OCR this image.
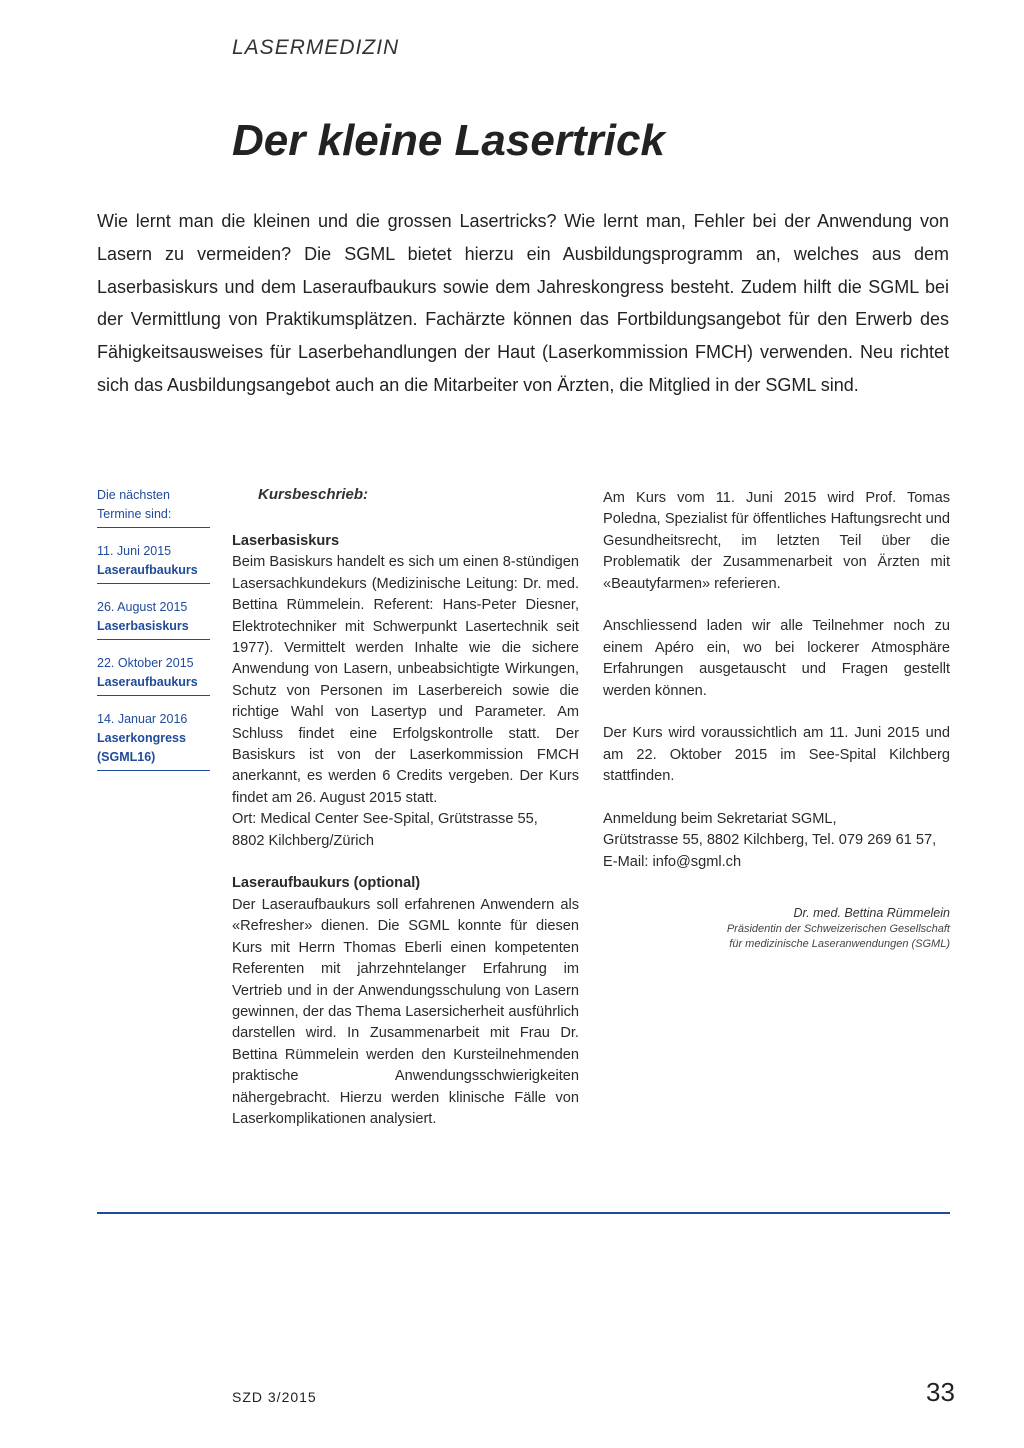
LASERMEDIZIN
Der kleine Lasertrick

Wie lernt man die kleinen und die grossen Lasertricks? Wie lernt man, Fehler bei der Anwendung von Lasern zu vermeiden? Die SGML bietet hierzu ein Ausbildungsprogramm an, welches aus dem Laserbasiskurs und dem Laseraufbaukurs sowie dem Jahreskongress besteht. Zudem hilft die SGML bei der Vermittlung von Praktikumsplätzen. Fachärzte können das Fortbildungsangebot für den Erwerb des Fähigkeitsausweises für Laserbehandlungen der Haut (Laserkommission FMCH) verwenden. Neu richtet sich das Ausbildungsangebot auch an die Mitarbeiter von Ärzten, die Mitglied in der SGML sind.

Die nächsten Termine sind:
11. Juni 2015
Laseraufbaukurs
26. August 2015
Laserbasiskurs
22. Oktober 2015
Laseraufbaukurs
14. Januar 2016
Laserkongress (SGML16)
Kursbeschrieb:

Laserbasiskurs

Beim Basiskurs handelt es sich um einen 8-stündigen Lasersachkundekurs (Medizinische Leitung: Dr. med. Bettina Rümmelein. Referent: Hans-Peter Diesner, Elektrotechniker mit Schwerpunkt Lasertechnik seit 1977). Vermittelt werden Inhalte wie die sichere Anwendung von Lasern, unbeabsichtigte Wirkungen, Schutz von Personen im Laserbereich sowie die richtige Wahl von Lasertyp und Parameter. Am Schluss findet eine Erfolgskontrolle statt. Der Basiskurs ist von der Laserkommission FMCH anerkannt, es werden 6 Credits vergeben. Der Kurs findet am 26. August 2015 statt.

Ort: Medical Center See-Spital, Grütstrasse 55,
8802 Kilchberg/Zürich

Laseraufbaukurs (optional)

Der Laseraufbaukurs soll erfahrenen Anwendern als «Refresher» dienen. Die SGML konnte für diesen Kurs mit Herrn Thomas Eberli einen kompetenten Referenten mit jahrzehntelanger Erfahrung im Vertrieb und in der Anwendungsschulung von Lasern gewinnen, der das Thema Lasersicherheit ausführlich darstellen wird. In Zusammenarbeit mit Frau Dr. Bettina Rümmelein werden den Kursteilnehmenden praktische Anwendungsschwierigkeiten nähergebracht. Hierzu werden klinische Fälle von Laserkomplikationen analysiert.

Am Kurs vom 11. Juni 2015 wird Prof. Tomas Poledna, Spezialist für öffentliches Haftungsrecht und Gesundheitsrecht, im letzten Teil über die Problematik der Zusammenarbeit von Ärzten mit «Beautyfarmen» referieren.

Anschliessend laden wir alle Teilnehmer noch zu einem Apéro ein, wo bei lockerer Atmosphäre Erfahrungen ausgetauscht und Fragen gestellt werden können.

Der Kurs wird voraussichtlich am 11. Juni 2015 und am 22. Oktober 2015 im See-Spital Kilchberg stattfinden.

Anmeldung beim Sekretariat SGML,
Grütstrasse 55, 8802 Kilchberg, Tel. 079 269 61 57,
E-Mail: info@sgml.ch

Dr. med. Bettina Rümmelein
Präsidentin der Schweizerischen Gesellschaft
für medizinische Laseranwendungen (SGML)
SZD 3/2015	33
